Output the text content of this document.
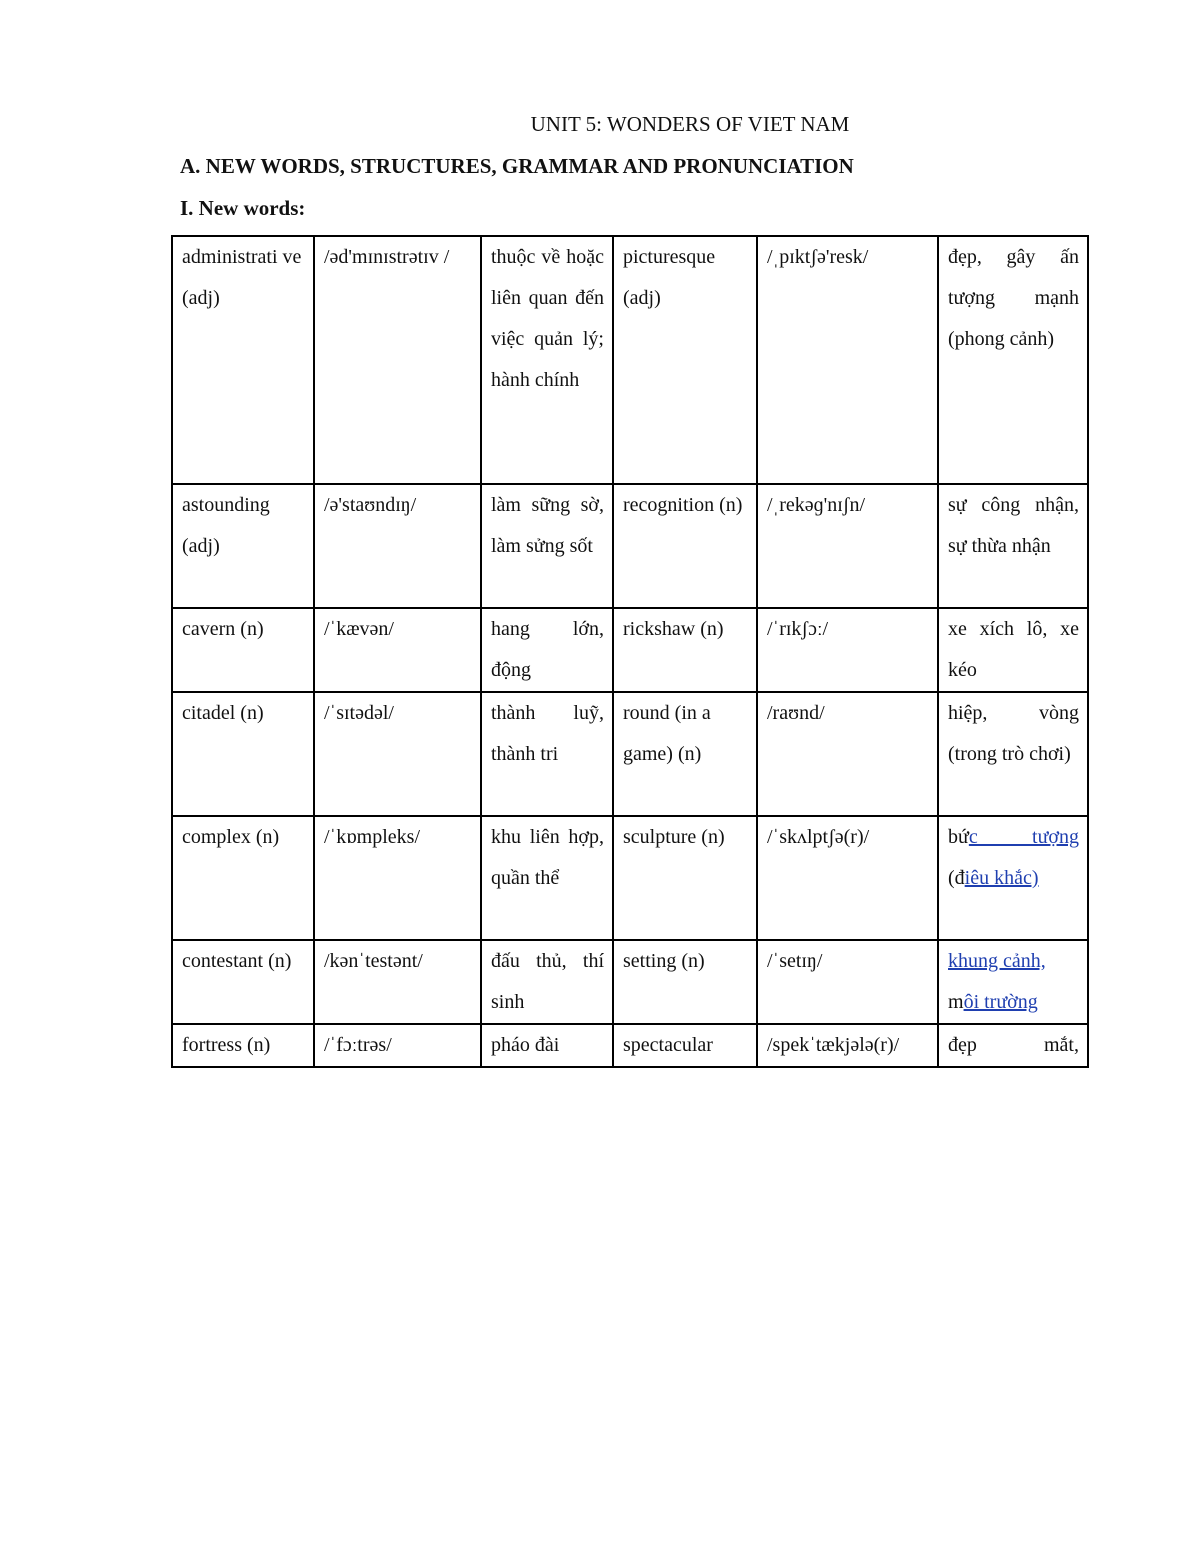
UNIT 5: WONDERS OF VIET NAM
A. NEW WORDS, STRUCTURES, GRAMMAR AND PRONUNCIATION
I. New words:
administrati ve (adj)	/əd'mɪnɪstrətɪv /	thuộc về hoặc liên quan đến việc quản lý; hành chính	picturesque (adj)	/ˌpɪktʃə'resk/	đẹp, gây ấn tượng mạnh (phong cảnh)
astounding (adj)	/ə'staʊndɪŋ/	làm sững sờ, làm sửng sốt	recognition (n)	/ˌrekəɡ'nɪʃn/	sự công nhận, sự thừa nhận
cavern (n)	/ˈkævən/	hang lớn, động	rickshaw (n)	/ˈrɪkʃɔː/	xe xích lô, xe kéo
citadel (n)	/ˈsɪtədəl/	thành luỹ, thành tri	round (in a game) (n)	/raʊnd/	hiệp, vòng (trong trò chơi)
complex (n)	/ˈkɒmpleks/	khu liên hợp, quần thể	sculpture (n)	/ˈskʌlptʃə(r)/	bức tượng
(điêu khắc)

contestant (n)	/kənˈtestənt/	đấu thủ, thí sinh	setting (n)	/ˈsetɪŋ/	khung cảnh,
môi trường

fortress (n)	/ˈfɔːtrəs/	pháo đài	spectacular	/spekˈtækjələ(r)/	đẹp mắt,
